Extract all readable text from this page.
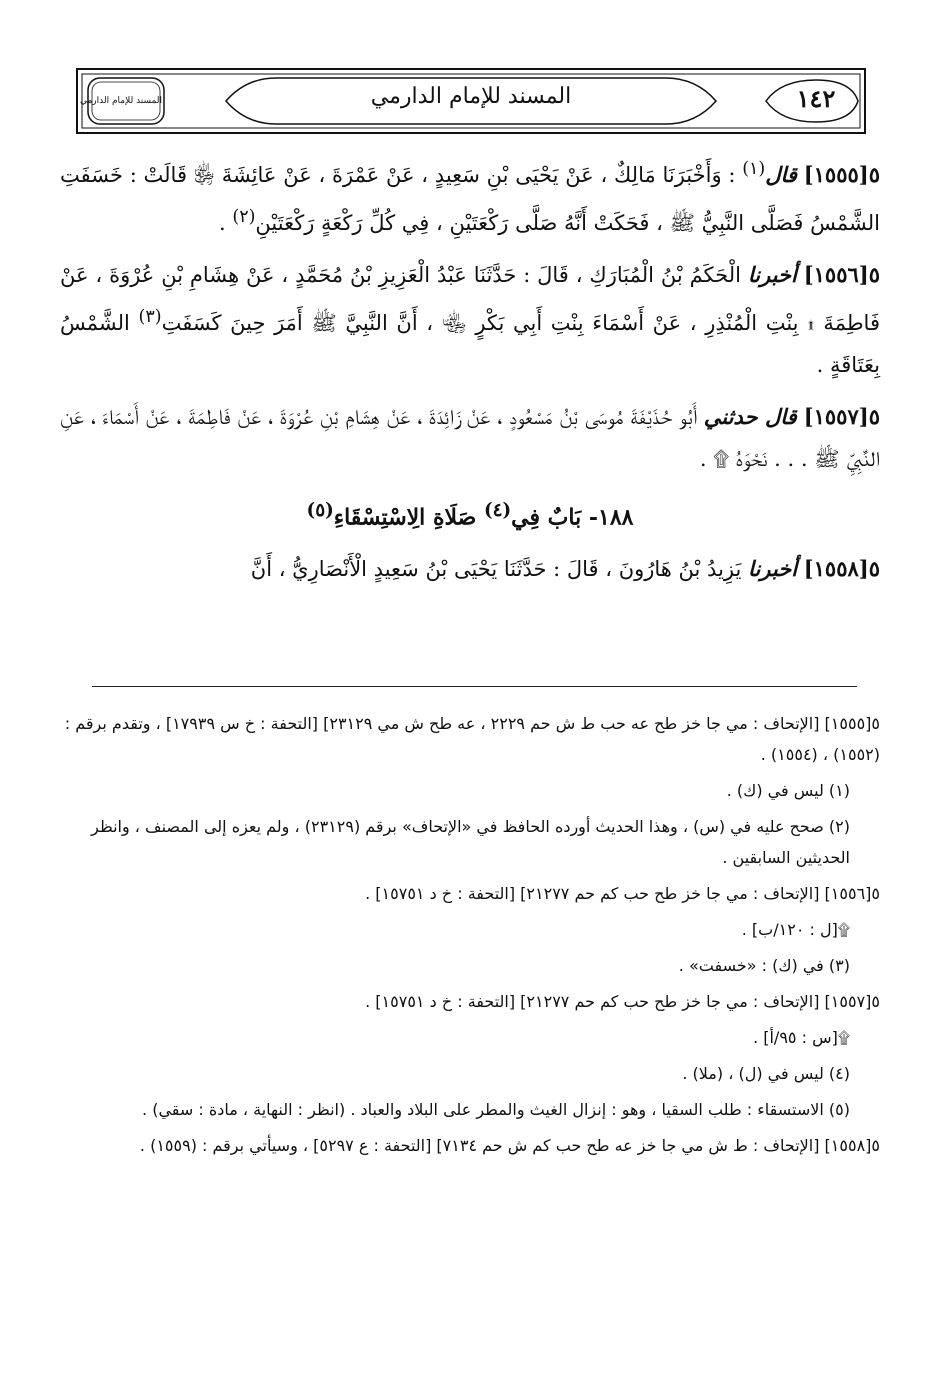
١٤٢
المسند للإمام الدارمي
المسند للإمام الدارمي

٥[١٥٥٥] قال$^{(١)}$ : وَأَخْبَرَنَا مَالِكٌ ، عَنْ يَحْيَى بْنِ سَعِيدٍ ، عَنْ عَمْرَةَ ، عَنْ عَائِشَةَ ﵂ قَالَتْ : خَسَفَتِ الشَّمْسُ فَصَلَّى النَّبِيُّ ﷺ ، فَحَكَتْ أَنَّهُ صَلَّى رَكْعَتَيْنِ ، فِي كُلِّ رَكْعَةٍ رَكْعَتَيْنِ$^{(٢)}$ .

٥[١٥٥٦] أخبرنا الْحَكَمُ بْنُ الْمُبَارَكِ ، قَالَ : حَدَّثَنَا عَبْدُ الْعَزِيزِ بْنُ مُحَمَّدٍ ، عَنْ هِشَامِ بْنِ عُرْوَةَ ، عَنْ فَاطِمَةَ ۩ بِنْتِ الْمُنْذِرِ ، عَنْ أَسْمَاءَ بِنْتِ أَبِي بَكْرٍ ﵄ ، أَنَّ النَّبِيَّ ﷺ أَمَرَ حِينَ كَسَفَتِ$^{(٣)}$ الشَّمْسُ بِعَتَاقَةٍ .

٥[١٥٥٧] قال حدثني أَبُو حُذَيْفَةَ مُوسَى بْنُ مَسْعُودٍ ، عَنْ زَائِدَةَ ، عَنْ هِشَامِ بْنِ عُرْوَةَ ، عَنْ فَاطِمَةَ ، عَنْ أَسْمَاءَ ، عَنِ النَّبِيِّ ﷺ . . . نَحْوَهُ ۩ .

١٨٨- بَابٌ فِي$^{(٤)}$ صَلَاةِ الِاسْتِسْقَاءِ$^{(٥)}$

٥[١٥٥٨] أخبرنا يَزِيدُ بْنُ هَارُونَ ، قَالَ : حَدَّثَنَا يَحْيَى بْنُ سَعِيدٍ الْأَنْصَارِيُّ ، أَنَّ

٥[١٥٥٥] [الإتحاف : مي جا خز طح عه حب ط ش حم ٢٢٢٩ ، عه طح ش مي ٢٣١٢٩] [التحفة : خ س ١٧٩٣٩] ، وتقدم برقم : (١٥٥٢) ، (١٥٥٤) .

(١) ليس في (ك) .

(٢) صحح عليه في (س) ، وهذا الحديث أورده الحافظ في «الإتحاف» برقم (٢٣١٢٩) ، ولم يعزه إلى المصنف ، وانظر الحديثين السابقين .

٥[١٥٥٦] [الإتحاف : مي جا خز طح حب كم حم ٢١٢٧٧] [التحفة : خ د ١٥٧٥١] .

۩[ل : ١٢٠/ب] .

(٣) في (ك) : «خسفت» .

٥[١٥٥٧] [الإتحاف : مي جا خز طح حب كم حم ٢١٢٧٧] [التحفة : خ د ١٥٧٥١] .

۩[س : ٩٥/أ] .

(٤) ليس في (ل) ، (ملا) .

(٥) الاستسقاء : طلب السقيا ، وهو : إنزال الغيث والمطر على البلاد والعباد . (انظر : النهاية ، مادة : سقي) .

٥[١٥٥٨] [الإتحاف : ط ش مي جا خز عه طح حب كم ش حم ٧١٣٤] [التحفة : ع ٥٢٩٧] ، وسيأتي برقم : (١٥٥٩) .
